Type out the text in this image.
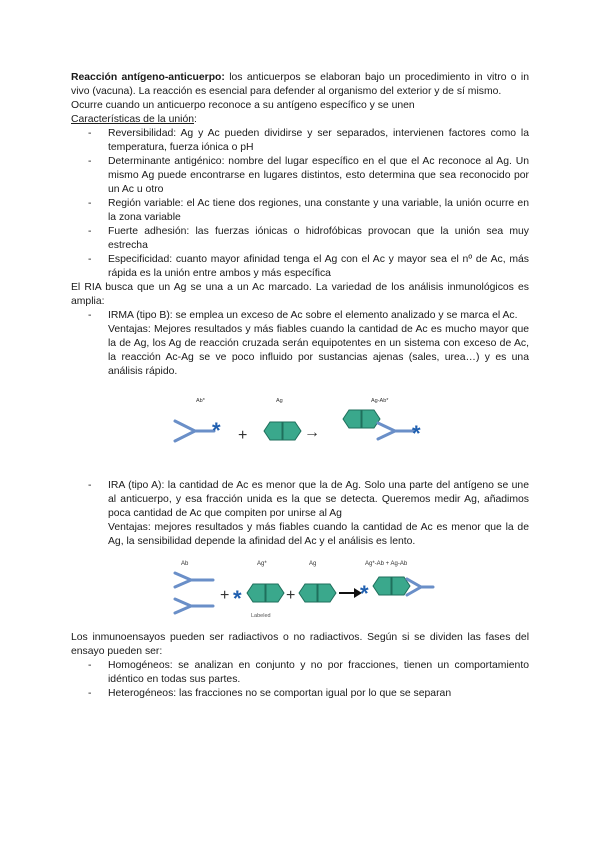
Reacción antígeno-anticuerpo: los anticuerpos se elaboran bajo un procedimiento in vitro o in vivo (vacuna). La reacción es esencial para defender al organismo del exterior y de sí mismo.

Ocurre cuando un anticuerpo reconoce a su antígeno específico y se unen

Características de la unión:

- Reversibilidad: Ag y Ac pueden dividirse y ser separados, intervienen factores como la temperatura, fuerza iónica o pH
- Determinante antigénico: nombre del lugar específico en el que el Ac reconoce al Ag. Un mismo Ag puede encontrarse en lugares distintos, esto determina que sea reconocido por un Ac u otro
- Región variable: el Ac tiene dos regiones, una constante y una variable, la unión ocurre en la zona variable
- Fuerte adhesión: las fuerzas iónicas o hidrofóbicas provocan que la unión sea muy estrecha
- Especificidad: cuanto mayor afinidad tenga el Ag con el Ac y mayor sea el nº de Ac, más rápida es la unión entre ambos y más específica

El RIA busca que un Ag se una a un Ac marcado. La variedad de los análisis inmunológicos es amplia:

- IRMA (tipo B): se emplea un exceso de Ac sobre el elemento analizado y se marca el Ac.
Ventajas: Mejores resultados y más fiables cuando la cantidad de Ac es mucho mayor que la de Ag, los Ag de reacción cruzada serán equipotentes en un sistema con exceso de Ac, la reacción Ac-Ag se ve poco influido por sustancias ajenas (sales, urea…) y es una análisis rápido.
Ab*	Ag	Ag-Ab*
* +	→	*
- IRA (tipo A): la cantidad de Ac es menor que la de Ag. Solo una parte del antígeno se une al anticuerpo, y esa fracción unida es la que se detecta. Queremos medir Ag, añadimos poca cantidad de Ac que compiten por unirse al Ag
Ventajas: mejores resultados y más fiables cuando la cantidad de Ac es menor que la de Ag, la sensibilidad depende la afinidad del Ac y el análisis es lento.
Ab	Ag*	Ag	Ag*-Ab + Ag-Ab
+ *
Labeled
+	*

Los inmunoensayos pueden ser radiactivos o no radiactivos. Según si se dividen las fases del ensayo pueden ser:

- Homogéneos: se analizan en conjunto y no por fracciones, tienen un comportamiento idéntico en todas sus partes.
- Heterogéneos: las fracciones no se comportan igual por lo que se separan
